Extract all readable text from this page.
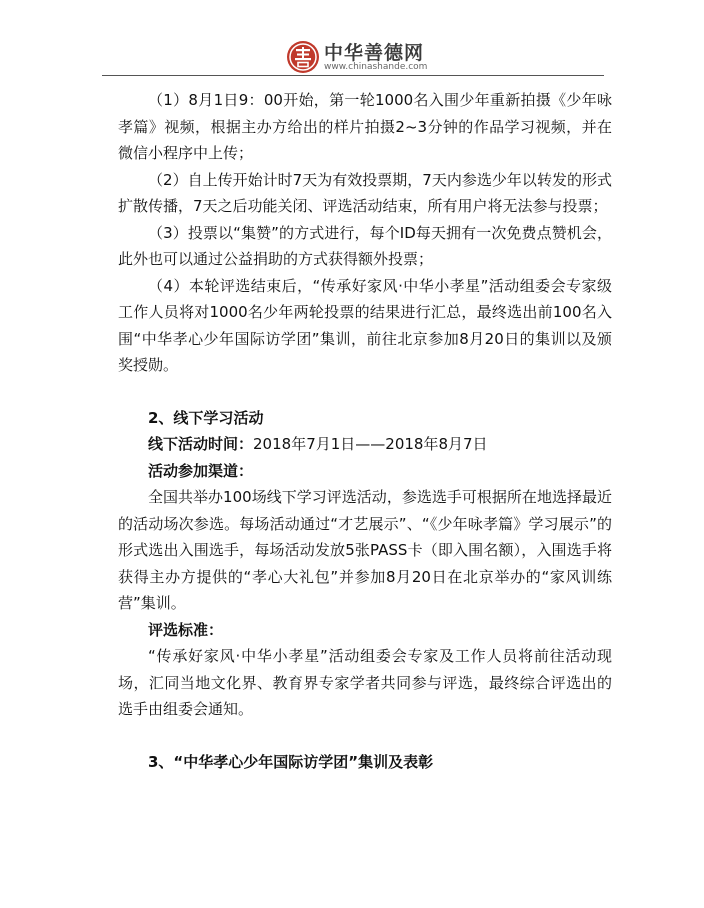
中华善德网
www.chinashande.com

（1）8月1日9：00开始，第一轮1000名入围少年重新拍摄《少年咏孝篇》视频，根据主办方给出的样片拍摄2~3分钟的作品学习视频，并在微信小程序中上传；

（2）自上传开始计时7天为有效投票期，7天内参选少年以转发的形式扩散传播，7天之后功能关闭、评选活动结束，所有用户将无法参与投票；

（3）投票以“集赞”的方式进行，每个ID每天拥有一次免费点赞机会，此外也可以通过公益捐助的方式获得额外投票；

（4）本轮评选结束后，“传承好家风·中华小孝星”活动组委会专家级工作人员将对1000名少年两轮投票的结果进行汇总，最终选出前100名入围“中华孝心少年国际访学团”集训，前往北京参加8月20日的集训以及颁奖授勋。

2、线下学习活动

线下活动时间：2018年7月1日——2018年8月7日

活动参加渠道：

全国共举办100场线下学习评选活动，参选选手可根据所在地选择最近的活动场次参选。每场活动通过“才艺展示”、“《少年咏孝篇》学习展示”的形式选出入围选手，每场活动发放5张PASS卡（即入围名额），入围选手将获得主办方提供的“孝心大礼包”并参加8月20日在北京举办的“家风训练营”集训。

评选标准：

“传承好家风·中华小孝星”活动组委会专家及工作人员将前往活动现场，汇同当地文化界、教育界专家学者共同参与评选，最终综合评选出的选手由组委会通知。

3、“中华孝心少年国际访学团”集训及表彰
